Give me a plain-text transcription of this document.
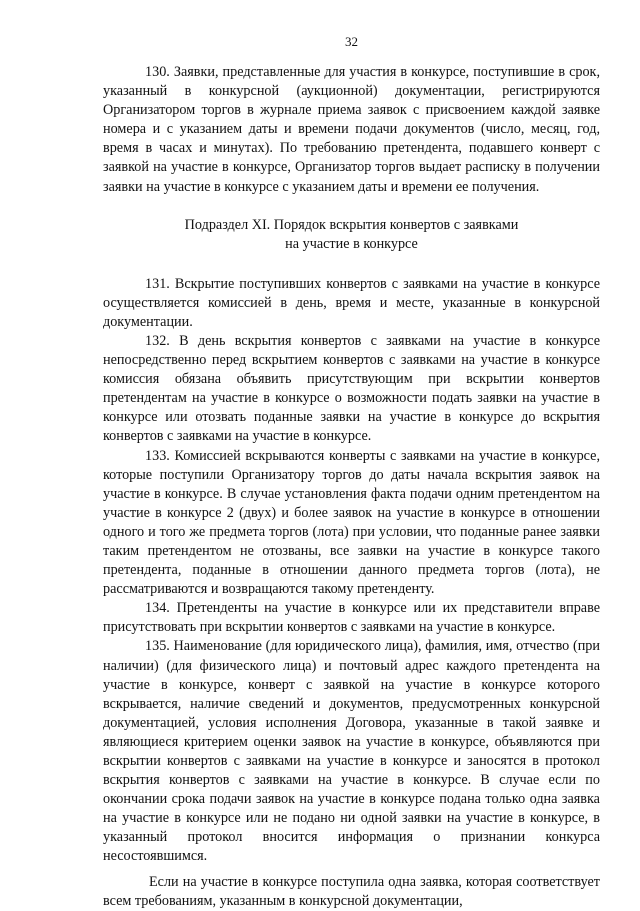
32

130. Заявки, представленные для участия в конкурсе, поступившие в срок, указанный в конкурсной (аукционной) документации, регистрируются Организатором торгов в журнале приема заявок с присвоением каждой заявке номера и с указанием даты и времени подачи документов (число, месяц, год, время в часах и минутах). По требованию претендента, подавшего конверт с заявкой на участие в конкурсе, Организатор торгов выдает расписку в получении заявки на участие в конкурсе с указанием даты и времени ее получения.

Подраздел XI. Порядок вскрытия конвертов с заявками
на участие в конкурсе

131. Вскрытие поступивших конвертов с заявками на участие в конкурсе осуществляется комиссией в день, время и месте, указанные в конкурсной документации.

132. В день вскрытия конвертов с заявками на участие в конкурсе непосредственно перед вскрытием конвертов с заявками на участие в конкурсе комиссия обязана объявить присутствующим при вскрытии конвертов претендентам на участие в конкурсе о возможности подать заявки на участие в конкурсе или отозвать поданные заявки на участие в конкурсе до вскрытия конвертов с заявками на участие в конкурсе.

133. Комиссией вскрываются конверты с заявками на участие в конкурсе, которые поступили Организатору торгов до даты начала вскрытия заявок на участие в конкурсе. В случае установления факта подачи одним претендентом на участие в конкурсе 2 (двух) и более заявок на участие в конкурсе в отношении одного и того же предмета торгов (лота) при условии, что поданные ранее заявки таким претендентом не отозваны, все заявки на участие в конкурсе такого претендента, поданные в отношении данного предмета торгов (лота), не рассматриваются и возвращаются такому претенденту.

134. Претенденты на участие в конкурсе или их представители вправе присутствовать при вскрытии конвертов с заявками на участие в конкурсе.

135. Наименование (для юридического лица), фамилия, имя, отчество (при наличии) (для физического лица) и почтовый адрес каждого претендента на участие в конкурсе, конверт с заявкой на участие в конкурсе которого вскрывается, наличие сведений и документов, предусмотренных конкурсной документацией, условия исполнения Договора, указанные в такой заявке и являющиеся критерием оценки заявок на участие в конкурсе, объявляются при вскрытии конвертов с заявками на участие в конкурсе и заносятся в протокол вскрытия конвертов с заявками на участие в конкурсе. В случае если по окончании срока подачи заявок на участие в конкурсе подана только одна заявка на участие в конкурсе или не подано ни одной заявки на участие в конкурсе, в указанный протокол вносится информация о признании конкурса несостоявшимся.

Если на участие в конкурсе поступила одна заявка, которая соответствует всем требованиям, указанным в конкурсной документации,
